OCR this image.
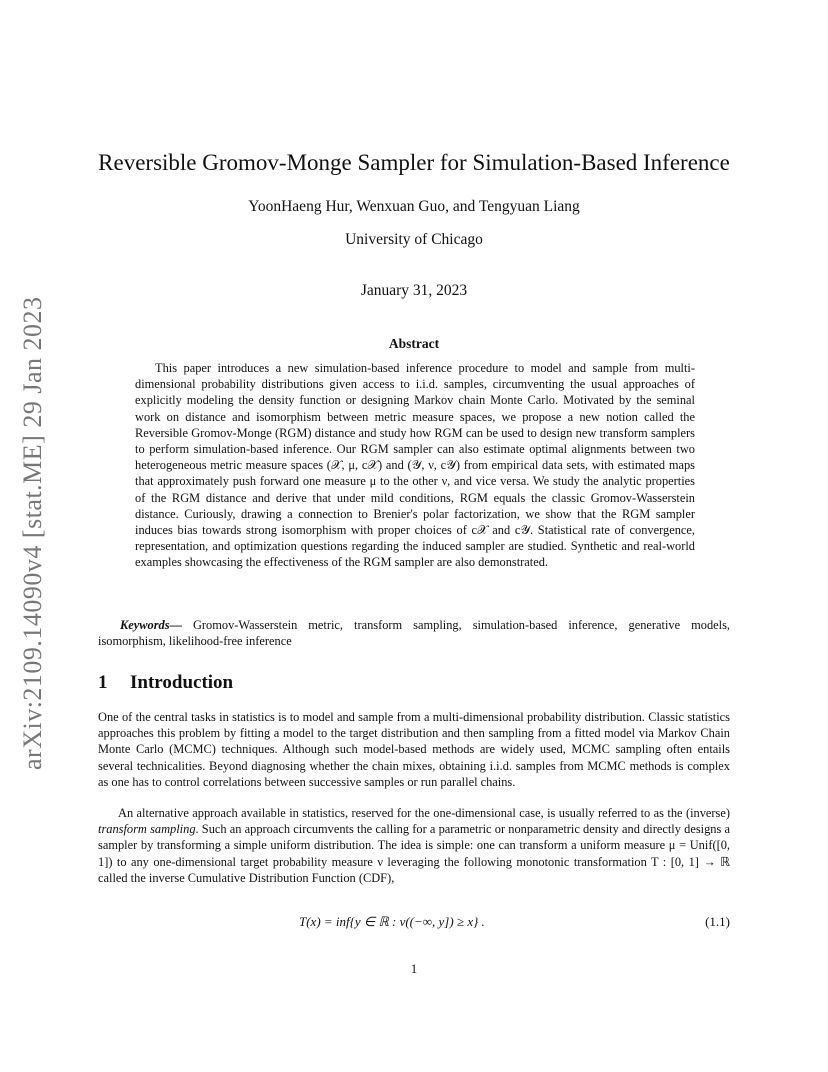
arXiv:2109.14090v4 [stat.ME] 29 Jan 2023
Reversible Gromov-Monge Sampler for Simulation-Based Inference
YoonHaeng Hur, Wenxuan Guo, and Tengyuan Liang
University of Chicago
January 31, 2023
Abstract
This paper introduces a new simulation-based inference procedure to model and sample from multi-dimensional probability distributions given access to i.i.d. samples, circumventing the usual approaches of explicitly modeling the density function or designing Markov chain Monte Carlo. Motivated by the seminal work on distance and isomorphism between metric measure spaces, we propose a new notion called the Reversible Gromov-Monge (RGM) distance and study how RGM can be used to design new transform samplers to perform simulation-based inference. Our RGM sampler can also estimate optimal alignments between two heterogeneous metric measure spaces (𝒳, μ, c𝒳) and (𝒴, ν, c𝒴) from empirical data sets, with estimated maps that approximately push forward one measure μ to the other ν, and vice versa. We study the analytic properties of the RGM distance and derive that under mild conditions, RGM equals the classic Gromov-Wasserstein distance. Curiously, drawing a connection to Brenier's polar factorization, we show that the RGM sampler induces bias towards strong isomorphism with proper choices of c𝒳 and c𝒴. Statistical rate of convergence, representation, and optimization questions regarding the induced sampler are studied. Synthetic and real-world examples showcasing the effectiveness of the RGM sampler are also demonstrated.
Keywords— Gromov-Wasserstein metric, transform sampling, simulation-based inference, generative models, isomorphism, likelihood-free inference
1 Introduction
One of the central tasks in statistics is to model and sample from a multi-dimensional probability distribution. Classic statistics approaches this problem by fitting a model to the target distribution and then sampling from a fitted model via Markov Chain Monte Carlo (MCMC) techniques. Although such model-based methods are widely used, MCMC sampling often entails several technicalities. Beyond diagnosing whether the chain mixes, obtaining i.i.d. samples from MCMC methods is complex as one has to control correlations between successive samples or run parallel chains.
An alternative approach available in statistics, reserved for the one-dimensional case, is usually referred to as the (inverse) transform sampling. Such an approach circumvents the calling for a parametric or nonparametric density and directly designs a sampler by transforming a simple uniform distribution. The idea is simple: one can transform a uniform measure μ = Unif([0, 1]) to any one-dimensional target probability measure ν leveraging the following monotonic transformation T : [0, 1] → ℝ called the inverse Cumulative Distribution Function (CDF),
T(x) = inf{y ∈ ℝ : ν((−∞, y]) ≥ x} .	(1.1)
1
